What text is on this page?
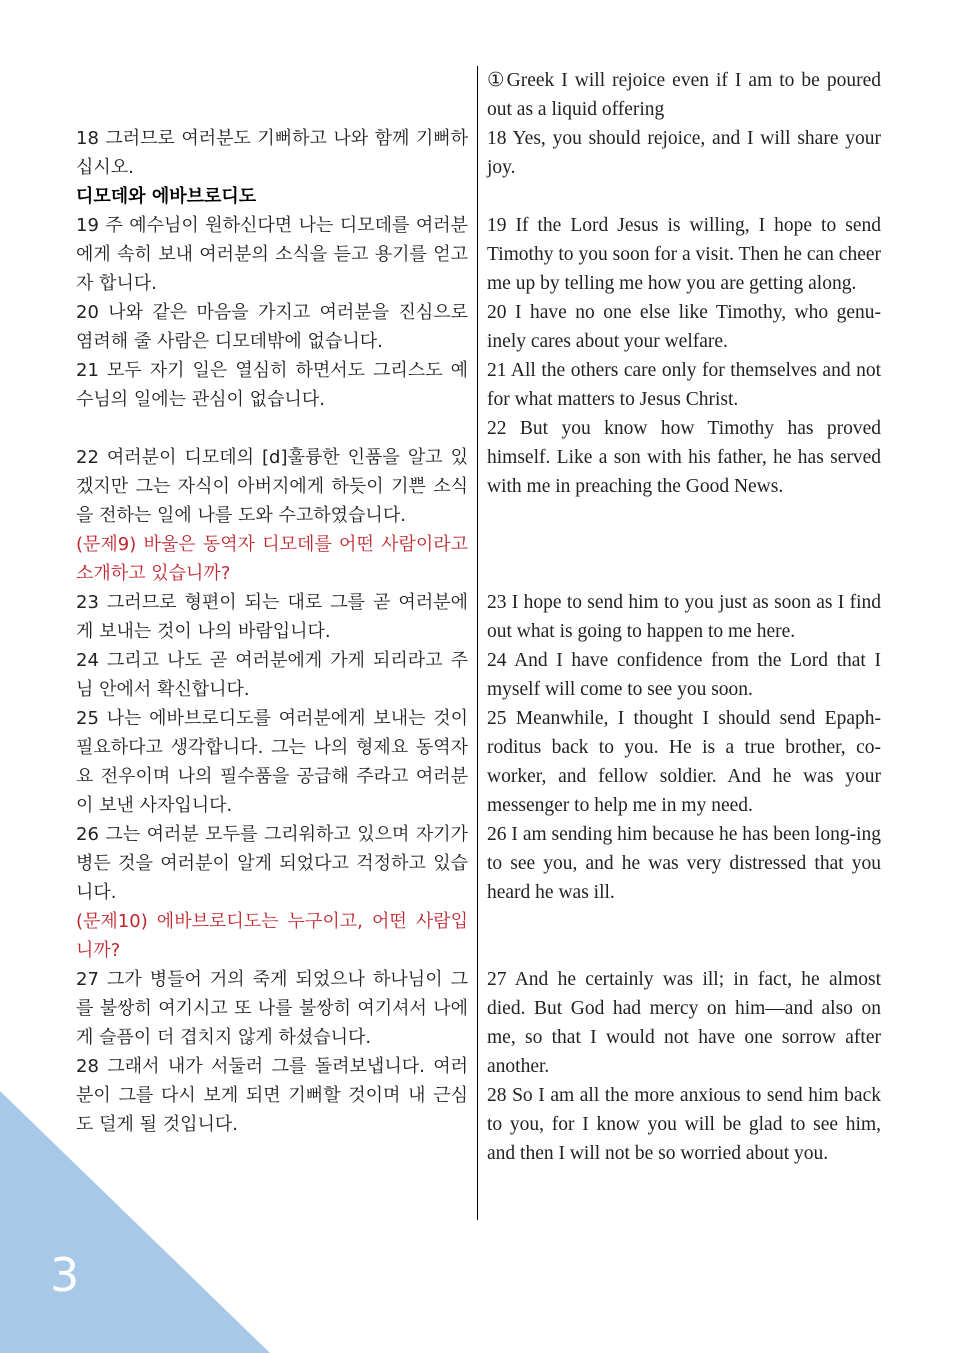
3

18 그러므로 여러분도 기뻐하고 나와 함께 기뻐하십시오.

디모데와 에바브로디도

19 주 예수님이 원하신다면 나는 디모데를 여러분에게 속히 보내 여러분의 소식을 듣고 용기를 얻고자 합니다.

20 나와 같은 마음을 가지고 여러분을 진심으로 염려해 줄 사람은 디모데밖에 없습니다.

21 모두 자기 일은 열심히 하면서도 그리스도 예수님의 일에는 관심이 없습니다.

22 여러분이 디모데의 [d]훌륭한 인품을 알고 있겠지만 그는 자식이 아버지에게 하듯이 기쁜 소식을 전하는 일에 나를 도와 수고하였습니다.

(문제9) 바울은 동역자 디모데를 어떤 사람이라고 소개하고 있습니까?

23 그러므로 형편이 되는 대로 그를 곧 여러분에게 보내는 것이 나의 바람입니다.

24 그리고 나도 곧 여러분에게 가게 되리라고 주님 안에서 확신합니다.

25 나는 에바브로디도를 여러분에게 보내는 것이 필요하다고 생각합니다. 그는 나의 형제요 동역자요 전우이며 나의 필수품을 공급해 주라고 여러분이 보낸 사자입니다.

26 그는 여러분 모두를 그리워하고 있으며 자기가 병든 것을 여러분이 알게 되었다고 걱정하고 있습니다.

(문제10) 에바브로디도는 누구이고, 어떤 사람입니까?

27 그가 병들어 거의 죽게 되었으나 하나님이 그를 불쌍히 여기시고 또 나를 불쌍히 여기셔서 나에게 슬픔이 더 겹치지 않게 하셨습니다.

28 그래서 내가 서둘러 그를 돌려보냅니다. 여러분이 그를 다시 보게 되면 기뻐할 것이며 내 근심도 덜게 될 것입니다.

①Greek I will rejoice even if I am to be poured out as a liquid offering

18 Yes, you should rejoice, and I will share your joy.

19 If the Lord Jesus is willing, I hope to send Timothy to you soon for a visit. Then he can cheer me up by telling me how you are getting along.

20 I have no one else like Timothy, who genu-inely cares about your welfare.

21 All the others care only for themselves and not for what matters to Jesus Christ.

22 But you know how Timothy has proved himself. Like a son with his father, he has served with me in preaching the Good News.

23 I hope to send him to you just as soon as I find out what is going to happen to me here.

24 And I have confidence from the Lord that I myself will come to see you soon.

25 Meanwhile, I thought I should send Epaph-roditus back to you. He is a true brother, co-worker, and fellow soldier. And he was your messenger to help me in my need.

26 I am sending him because he has been long-ing to see you, and he was very distressed that you heard he was ill.

27 And he certainly was ill; in fact, he almost died. But God had mercy on him—and also on me, so that I would not have one sorrow after another.

28 So I am all the more anxious to send him back to you, for I know you will be glad to see him, and then I will not be so worried about you.
